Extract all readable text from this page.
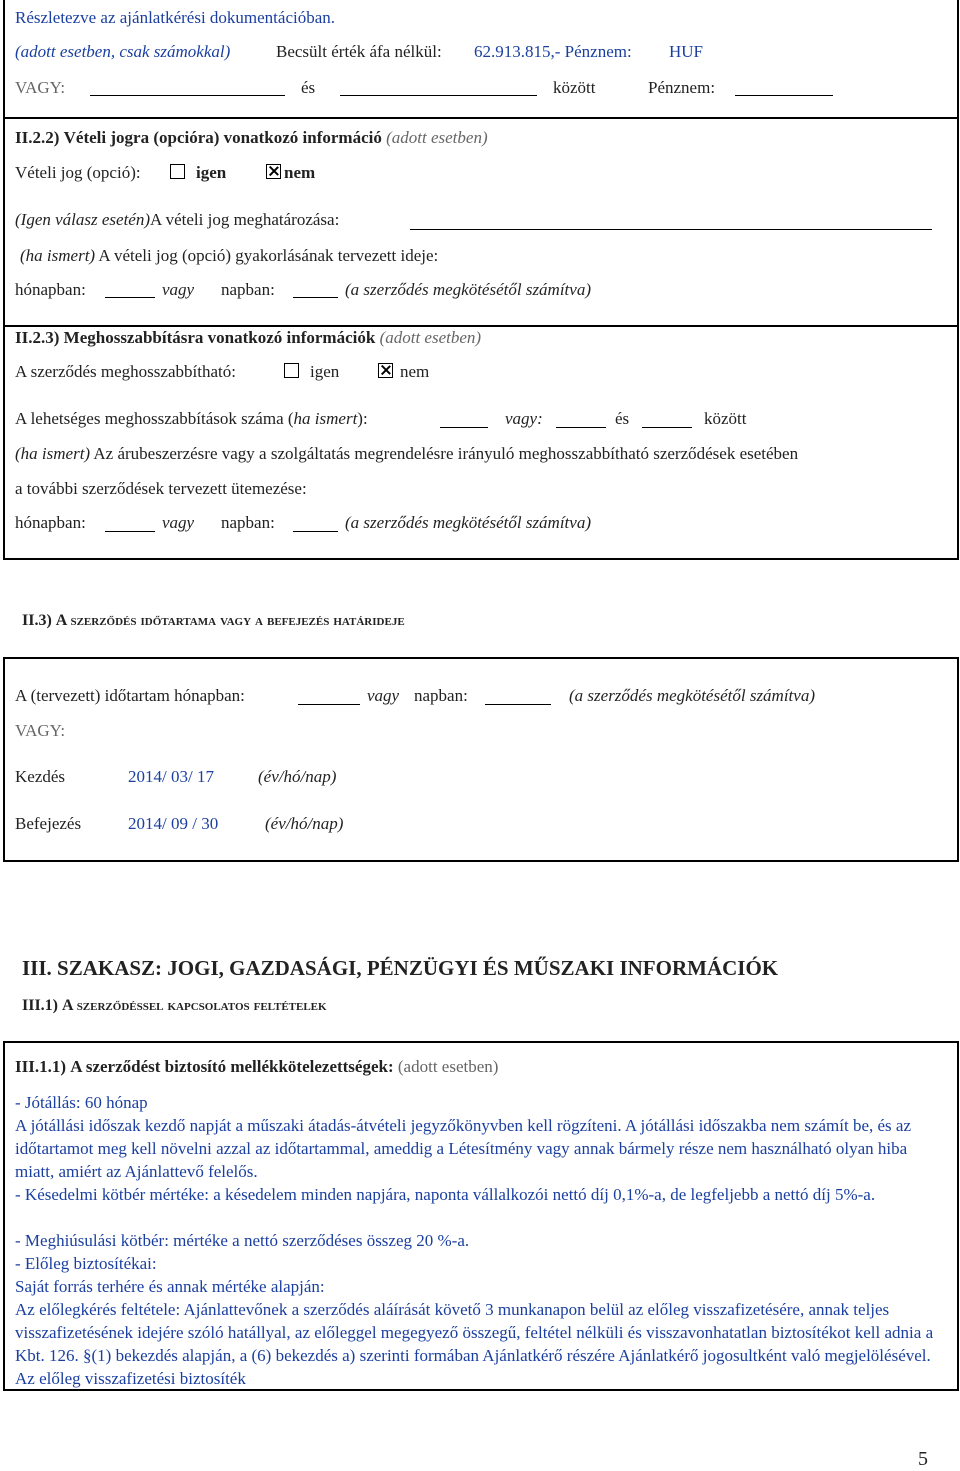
Részletezve az ajánlatkérési dokumentációban.
(adott esetben, csak számokkal)	Becsült érték áfa nélkül: 62.913.815,- Pénznem: HUF
VAGY:	és	között	Pénznem:
II.2.2) Vételi jogra (opcióra) vonatkozó információ (adott esetben)
Vételi jog (opció):	igen	nem
(Igen válasz esetén)A vételi jog meghatározása:
(ha ismert) A vételi jog (opció) gyakorlásának tervezett ideje:
hónapban:	vagy napban:	(a szerződés megkötésétől számítva)
II.2.3) Meghosszabbításra vonatkozó információk (adott esetben)
A szerződés meghosszabbítható:	igen	nem
A lehetséges meghosszabbítások száma (ha ismert):	vagy:	és	között
(ha ismert) Az árubeszerzésre vagy a szolgáltatás megrendelésre irányuló meghosszabbítható szerződések esetében
a további szerződések tervezett ütemezése:
hónapban:	vagy napban:	(a szerződés megkötésétől számítva)
II.3) A szerződés időtartama vagy a befejezés határideje
A (tervezett) időtartam hónapban:	vagy napban:	(a szerződés megkötésétől számítva)
VAGY:
Kezdés	2014/ 03/ 17	(év/hó/nap)
Befejezés	2014/ 09 / 30	(év/hó/nap)
III. SZAKASZ: JOGI, GAZDASÁGI, PÉNZÜGYI ÉS MŰSZAKI INFORMÁCIÓK
III.1) A szerződéssel kapcsolatos feltételek
III.1.1) A szerződést biztosító mellékkötelezettségek: (adott esetben)
- Jótállás: 60 hónap
A jótállási időszak kezdő napját a műszaki átadás-átvételi jegyzőkönyvben kell rögzíteni. A jótállási időszakba nem számít be, és az időtartamot meg kell növelni azzal az időtartammal, ameddig a Létesítmény vagy annak bármely része nem használható olyan hiba miatt, amiért az Ajánlattevő felelős.
- Késedelmi kötbér mértéke: a késedelem minden napjára, naponta vállalkozói nettó díj 0,1%-a, de legfeljebb a nettó díj 5%-a.
- Meghiúsulási kötbér: mértéke a nettó szerződéses összeg 20 %-a.
- Előleg biztosítékai:
Saját forrás terhére és annak mértéke alapján:
Az előlegkérés feltétele: Ajánlattevőnek a szerződés aláírását követő 3 munkanapon belül az előleg visszafizetésére, annak teljes visszafizetésének idejére szóló hatállyal, az előleggel megegyező összegű, feltétel nélküli és visszavonhatatlan biztosítékot kell adnia a Kbt. 126. §(1) bekezdés alapján, a (6) bekezdés a) szerinti formában Ajánlatkérő részére Ajánlatkérő jogosultként való megjelölésével. Az előleg visszafizetési biztosíték
5
